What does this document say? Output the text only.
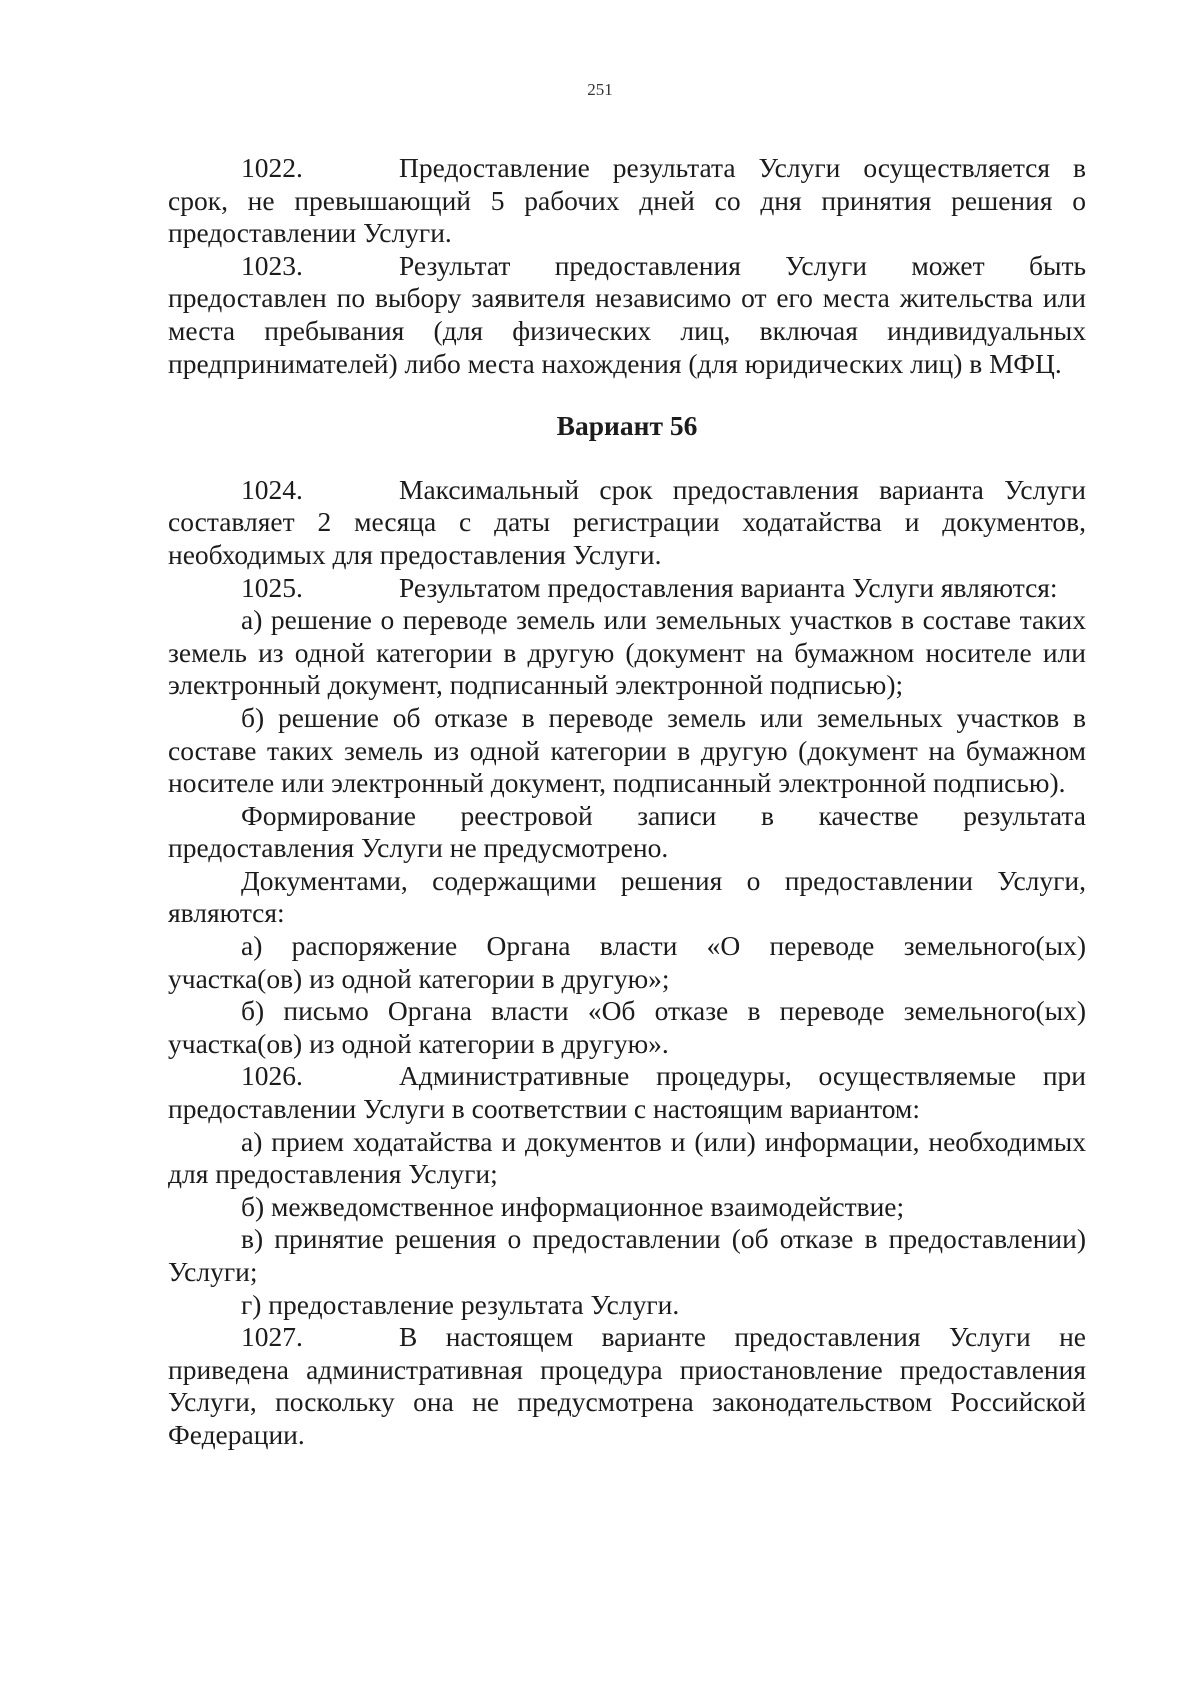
251

1022.	Предоставление результата Услуги осуществляется в срок, не превышающий 5 рабочих дней со дня принятия решения о предоставлении Услуги.

1023.	Результат предоставления Услуги может быть предоставлен по выбору заявителя независимо от его места жительства или места пребывания (для физических лиц, включая индивидуальных предпринимателей) либо места нахождения (для юридических лиц) в МФЦ.

Вариант 56

1024.	Максимальный срок предоставления варианта Услуги составляет 2 месяца с даты регистрации ходатайства и документов, необходимых для предоставления Услуги.

1025.	Результатом предоставления варианта Услуги являются:

а) решение о переводе земель или земельных участков в составе таких земель из одной категории в другую (документ на бумажном носителе или электронный документ, подписанный электронной подписью);

б) решение об отказе в переводе земель или земельных участков в составе таких земель из одной категории в другую (документ на бумажном носителе или электронный документ, подписанный электронной подписью).

Формирование реестровой записи в качестве результата предоставления Услуги не предусмотрено.

Документами, содержащими решения о предоставлении Услуги, являются:

а) распоряжение Органа власти «О переводе земельного(ых) участка(ов) из одной категории в другую»;

б) письмо Органа власти «Об отказе в переводе земельного(ых) участка(ов) из одной категории в другую».

1026.	Административные процедуры, осуществляемые при предоставлении Услуги в соответствии с настоящим вариантом:

а) прием ходатайства и документов и (или) информации, необходимых для предоставления Услуги;

б) межведомственное информационное взаимодействие;

в) принятие решения о предоставлении (об отказе в предоставлении) Услуги;

г) предоставление результата Услуги.

1027.	В настоящем варианте предоставления Услуги не приведена административная процедура приостановление предоставления Услуги, поскольку она не предусмотрена законодательством Российской Федерации.
